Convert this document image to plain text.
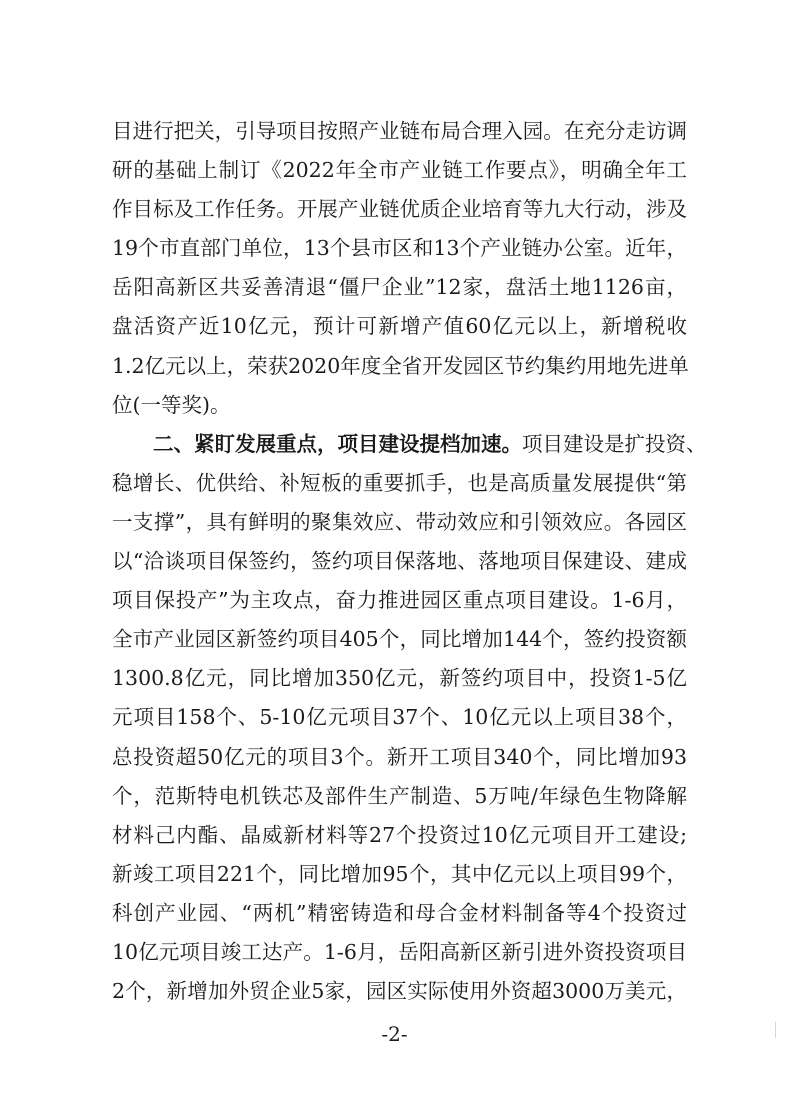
目进行把关，引导项目按照产业链布局合理入园。在充分走访调
研的基础上制订《2022年全市产业链工作要点》，明确全年工
作目标及工作任务。开展产业链优质企业培育等九大行动，涉及
19个市直部门单位，13个县市区和13个产业链办公室。近年，
岳阳高新区共妥善清退“僵尸企业”12家，盘活土地1126亩，
盘活资产近10亿元，预计可新增产值60亿元以上，新增税收
1.2亿元以上，荣获2020年度全省开发园区节约集约用地先进单
位(一等奖)。
二、紧盯发展重点，项目建设提档加速。项目建设是扩投资、
稳增长、优供给、补短板的重要抓手，也是高质量发展提供“第
一支撑”，具有鲜明的聚集效应、带动效应和引领效应。各园区
以“洽谈项目保签约，签约项目保落地、落地项目保建设、建成
项目保投产”为主攻点，奋力推进园区重点项目建设。1-6月，
全市产业园区新签约项目405个，同比增加144个，签约投资额
1300.8亿元，同比增加350亿元，新签约项目中，投资1-5亿
元项目158个、5-10亿元项目37个、10亿元以上项目38个，
总投资超50亿元的项目3个。新开工项目340个，同比增加93
个，范斯特电机铁芯及部件生产制造、5万吨/年绿色生物降解
材料己内酯、晶威新材料等27个投资过10亿元项目开工建设;
新竣工项目221个，同比增加95个，其中亿元以上项目99个，
科创产业园、“两机”精密铸造和母合金材料制备等4个投资过
10亿元项目竣工达产。1-6月，岳阳高新区新引进外资投资项目
2个，新增加外贸企业5家，园区实际使用外资超3000万美元，
-2-
